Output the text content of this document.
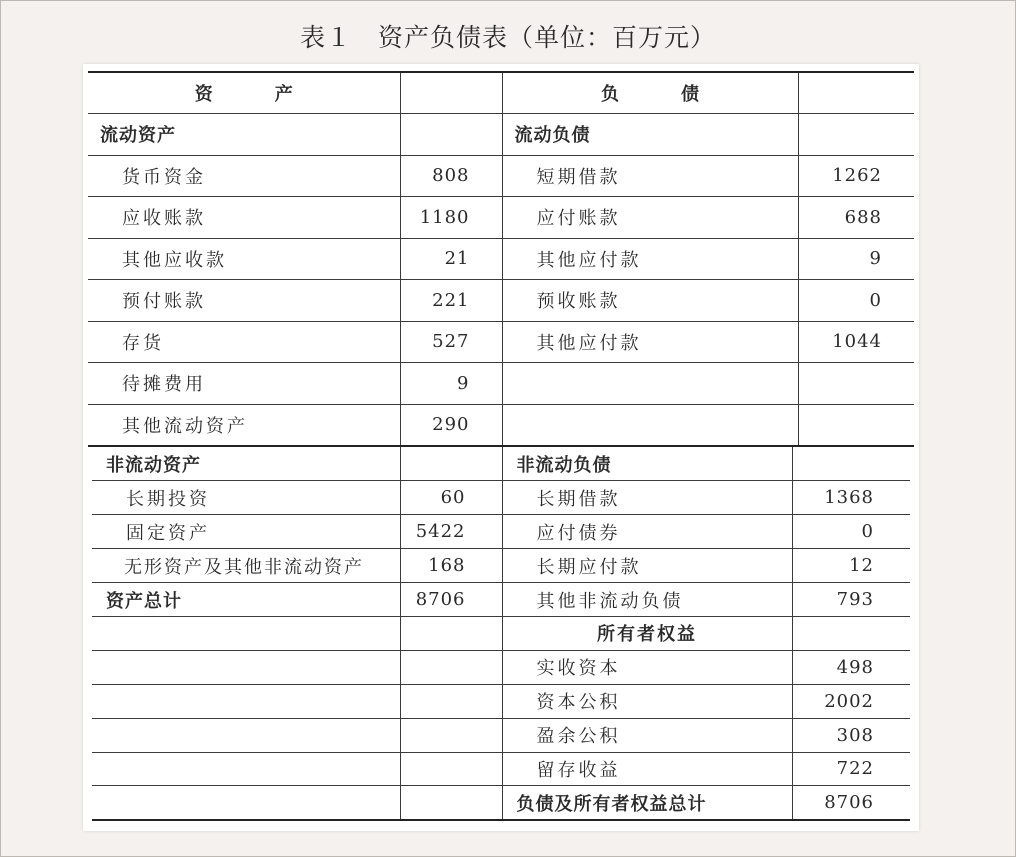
表１　资产负债表（单位：百万元）
资　产		负　债	
流动资产		流动负债	
货币资金	808	短期借款	1262
应收账款	1180	应付账款	688
其他应收款	21	其他应付款	9
预付账款	221	预收账款	0
存货	527	其他应付款	1044
待摊费用	9		
其他流动资产	290		
非流动资产		非流动负债	
长期投资	60	长期借款	1368
固定资产	5422	应付债券	0
无形资产及其他非流动资产	168	长期应付款	12
资产总计	8706	其他非流动负债	793
		所有者权益	
		实收资本	498
		资本公积	2002
		盈余公积	308
		留存收益	722
		负债及所有者权益总计	8706
